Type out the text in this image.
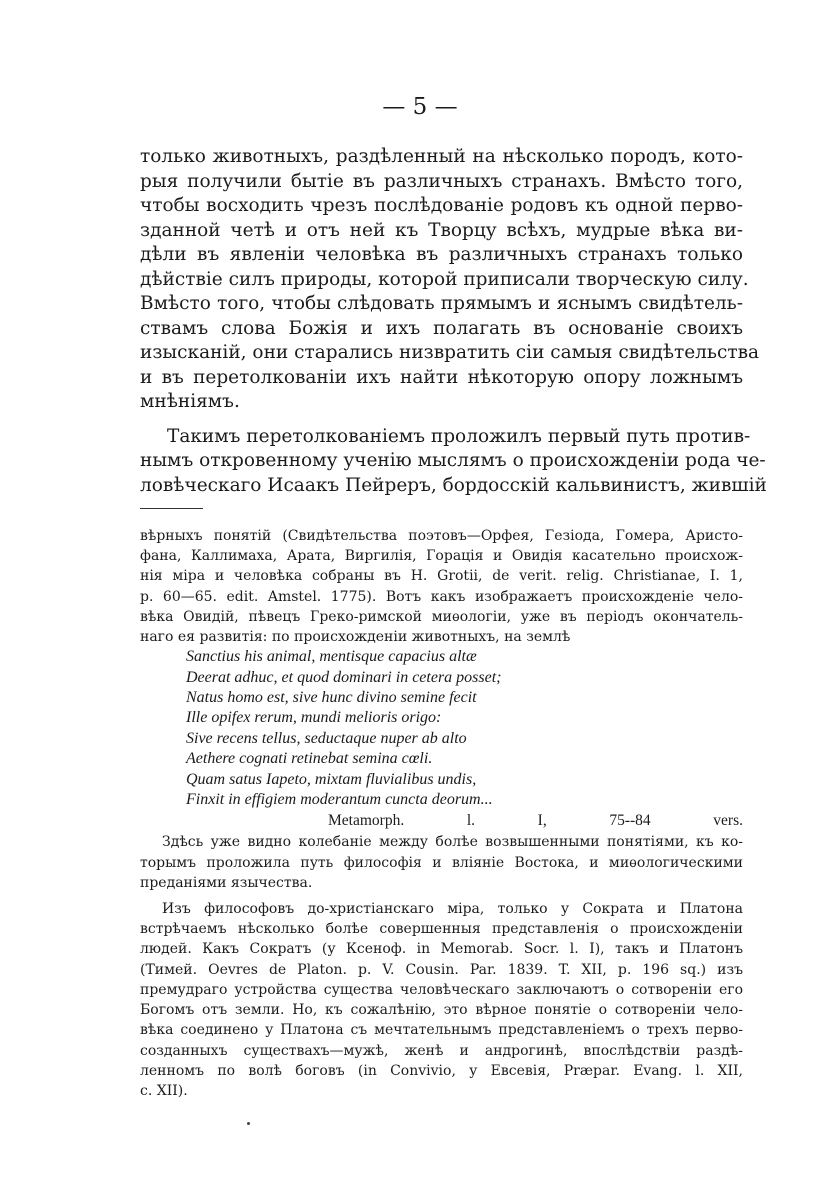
— 5 —

только животныхъ, раздѣленный на нѣсколько породъ, кото-

рыя получили бытіе въ различныхъ странахъ. Вмѣсто того,

чтобы восходить чрезъ послѣдованіе родовъ къ одной перво-

зданной четѣ и отъ ней къ Творцу всѣхъ, мудрые вѣка ви-

дѣли въ явленіи человѣка въ различныхъ странахъ только

дѣйствіе силъ природы, которой приписали творческую силу.

Вмѣсто того, чтобы слѣдовать прямымъ и яснымъ свидѣтель-

ствамъ слова Божія и ихъ полагать въ основаніе своихъ

изысканій, они старались низвратить сіи самыя свидѣтельства

и въ перетолкованіи ихъ найти нѣкоторую опору ложнымъ

мнѣніямъ.

Такимъ перетолкованіемъ проложилъ первый путь против-

нымъ откровенному ученію мыслямъ о происхожденіи рода че-

ловѣческаго Исаакъ Пейреръ, бордосскій кальвинистъ, жившій

вѣрныхъ понятій (Свидѣтельства поэтовъ—Орфея, Гезіода, Гомера, Аристо-

фана, Каллимаха, Арата, Виргилія, Горація и Овидія касательно происхож-

нія міра и человѣка собраны въ H. Grotii, de verit. relig. Christianae, I. 1,

p. 60—65. edit. Amstel. 1775). Вотъ какъ изображаетъ происхожденіе чело-

вѣка Овидій, пѣвецъ Греко-римской миѳологіи, уже въ періодъ окончатель-

наго ея развитія: по происхожденіи животныхъ, на землѣ

Sanctius his animal, mentisque capacius altæ
Deerat adhuc, et quod dominari in cetera posset;
Natus homo est, sive hunc divino semine fecit
Ille opifex rerum, mundi melioris origo:
Sive recens tellus, seductaque nuper ab alto
Aethere cognati retinebat semina cœli.
Quam satus Iapeto, mixtam fluvialibus undis,
Finxit in effigiem moderantum cuncta deorum...

Metamorph. l. I, 75--84 vers.

Здѣсь уже видно колебаніе между болѣе возвышенными понятіями, къ ко-

торымъ проложила путь философія и вліяніе Востока, и миѳологическими

преданіями язычества.

Изъ философовъ до-христіанскаго міра, только у Сократа и Платона

встрѣчаемъ нѣсколько болѣе совершенныя представленія о происхожденіи

людей. Какъ Сократъ (у Ксеноф. in Memorab. Socr. l. I), такъ и Платонъ

(Тимей. Oevres de Platon. p. V. Cousin. Par. 1839. T. XII, p. 196 sq.) изъ

премудраго устройства существа человѣческаго заключаютъ о сотвореніи его

Богомъ отъ земли. Но, къ сожалѣнію, это вѣрное понятіе о сотвореніи чело-

вѣка соединено у Платона съ мечтательнымъ представленіемъ о трехъ перво-

созданныхъ существахъ—мужѣ, женѣ и андрогинѣ, впослѣдствіи раздѣ-

ленномъ по волѣ боговъ (in Convivio, у Евсевія, Præpar. Evang. l. XII,

c. XII).
